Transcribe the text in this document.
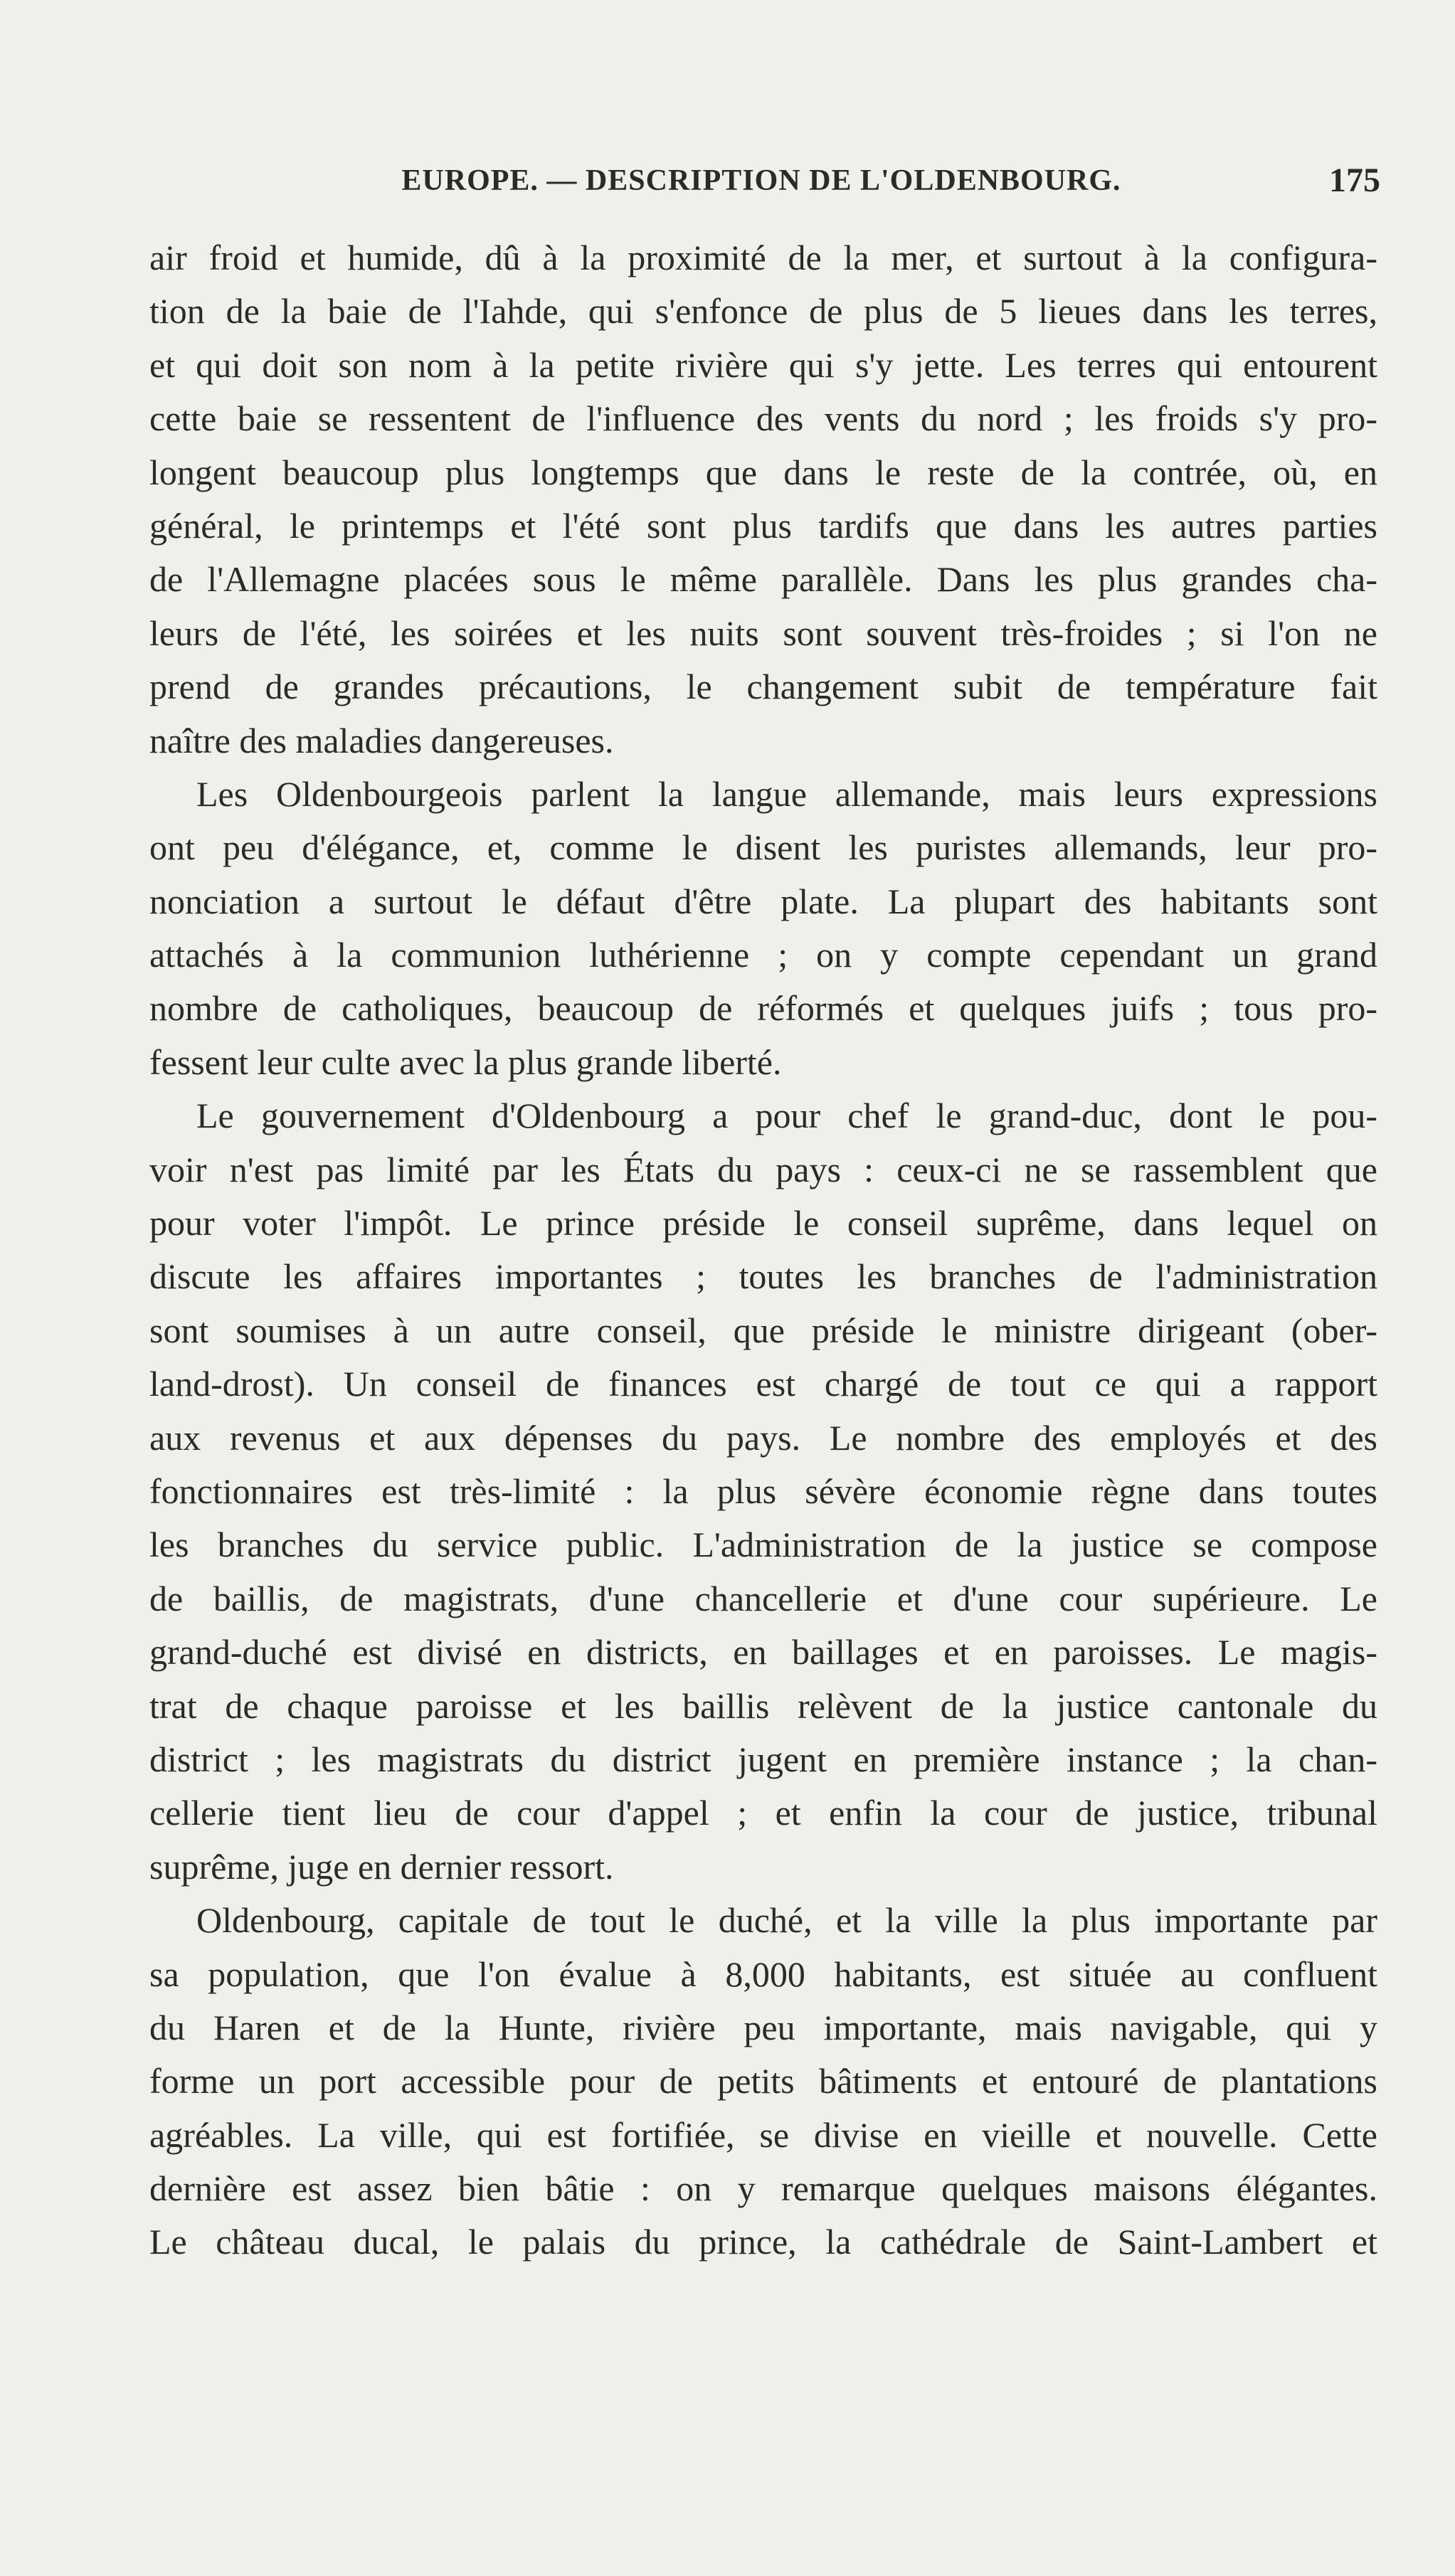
EUROPE. — DESCRIPTION DE L'OLDENBOURG.	175
air froid et humide, dû à la proximité de la mer, et surtout à la configura-
tion de la baie de l'Iahde, qui s'enfonce de plus de 5 lieues dans les terres,
et qui doit son nom à la petite rivière qui s'y jette. Les terres qui entourent
cette baie se ressentent de l'influence des vents du nord ; les froids s'y pro-
longent beaucoup plus longtemps que dans le reste de la contrée, où, en
général, le printemps et l'été sont plus tardifs que dans les autres parties
de l'Allemagne placées sous le même parallèle. Dans les plus grandes cha-
leurs de l'été, les soirées et les nuits sont souvent très-froides ; si l'on ne
prend de grandes précautions, le changement subit de température fait
naître des maladies dangereuses.
Les Oldenbourgeois parlent la langue allemande, mais leurs expressions
ont peu d'élégance, et, comme le disent les puristes allemands, leur pro-
nonciation a surtout le défaut d'être plate. La plupart des habitants sont
attachés à la communion luthérienne ; on y compte cependant un grand
nombre de catholiques, beaucoup de réformés et quelques juifs ; tous pro-
fessent leur culte avec la plus grande liberté.
Le gouvernement d'Oldenbourg a pour chef le grand-duc, dont le pou-
voir n'est pas limité par les États du pays : ceux-ci ne se rassemblent que
pour voter l'impôt. Le prince préside le conseil suprême, dans lequel on
discute les affaires importantes ; toutes les branches de l'administration
sont soumises à un autre conseil, que préside le ministre dirigeant (ober-
land-drost). Un conseil de finances est chargé de tout ce qui a rapport
aux revenus et aux dépenses du pays. Le nombre des employés et des
fonctionnaires est très-limité : la plus sévère économie règne dans toutes
les branches du service public. L'administration de la justice se compose
de baillis, de magistrats, d'une chancellerie et d'une cour supérieure. Le
grand-duché est divisé en districts, en baillages et en paroisses. Le magis-
trat de chaque paroisse et les baillis relèvent de la justice cantonale du
district ; les magistrats du district jugent en première instance ; la chan-
cellerie tient lieu de cour d'appel ; et enfin la cour de justice, tribunal
suprême, juge en dernier ressort.
Oldenbourg, capitale de tout le duché, et la ville la plus importante par
sa population, que l'on évalue à 8,000 habitants, est située au confluent
du Haren et de la Hunte, rivière peu importante, mais navigable, qui y
forme un port accessible pour de petits bâtiments et entouré de plantations
agréables. La ville, qui est fortifiée, se divise en vieille et nouvelle. Cette
dernière est assez bien bâtie : on y remarque quelques maisons élégantes.
Le château ducal, le palais du prince, la cathédrale de Saint-Lambert et
